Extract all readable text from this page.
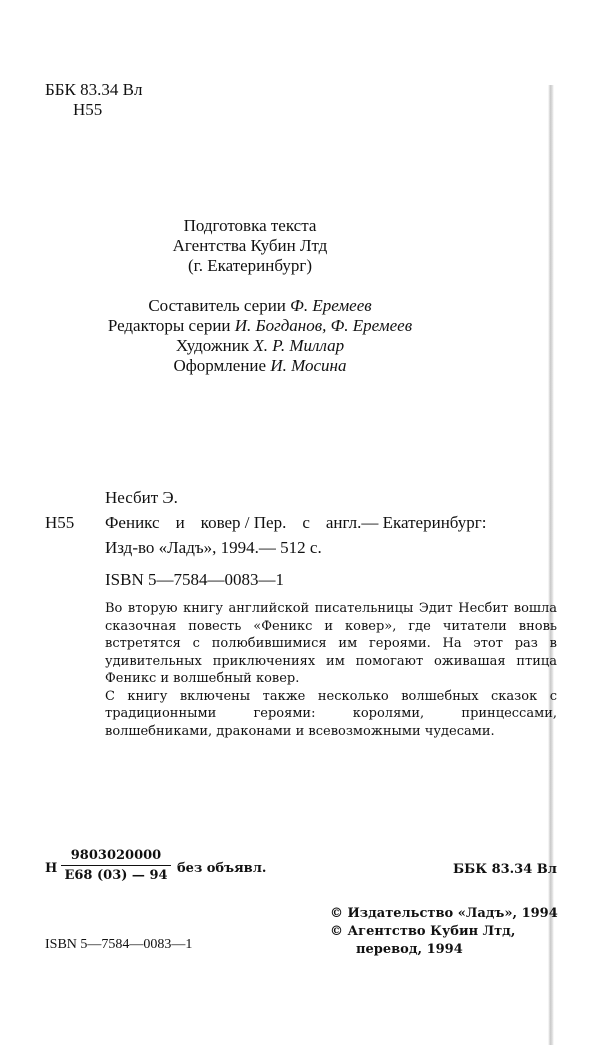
ББК 83.34 Вл
Н55
Подготовка текста
Агентства Кубин Лтд
(г. Екатеринбург)
Составитель серии Ф. Еремеев
Редакторы серии И. Богданов, Ф. Еремеев
Художник Х. Р. Миллар
Оформление И. Мосина
Несбит Э.
Н55 Феникс и ковер / Пер. с англ.— Екатеринбург:
Изд-во «Ладъ», 1994.— 512 с.
ISBN 5—7584—0083—1

Во вторую книгу английской писательницы Эдит Несбит вошла сказочная повесть «Феникс и ковер», где читатели вновь встретятся с полюбившимися им героями. На этот раз в удивительных приключениях им помогают оживашая птица Феникс и волшебный ковер.

С книгу включены также несколько волшебных сказок с традиционными героями: королями, принцессами, волшебниками, драконами и всевозможными чудесами.

Н
9803020000
Е68 (03) — 94 без объявл.	ББК 83.34 Вл
© Издательство «Ладъ», 1994
© Агентство Кубин Лтд,
перевод, 1994
ISBN 5—7584—0083—1
